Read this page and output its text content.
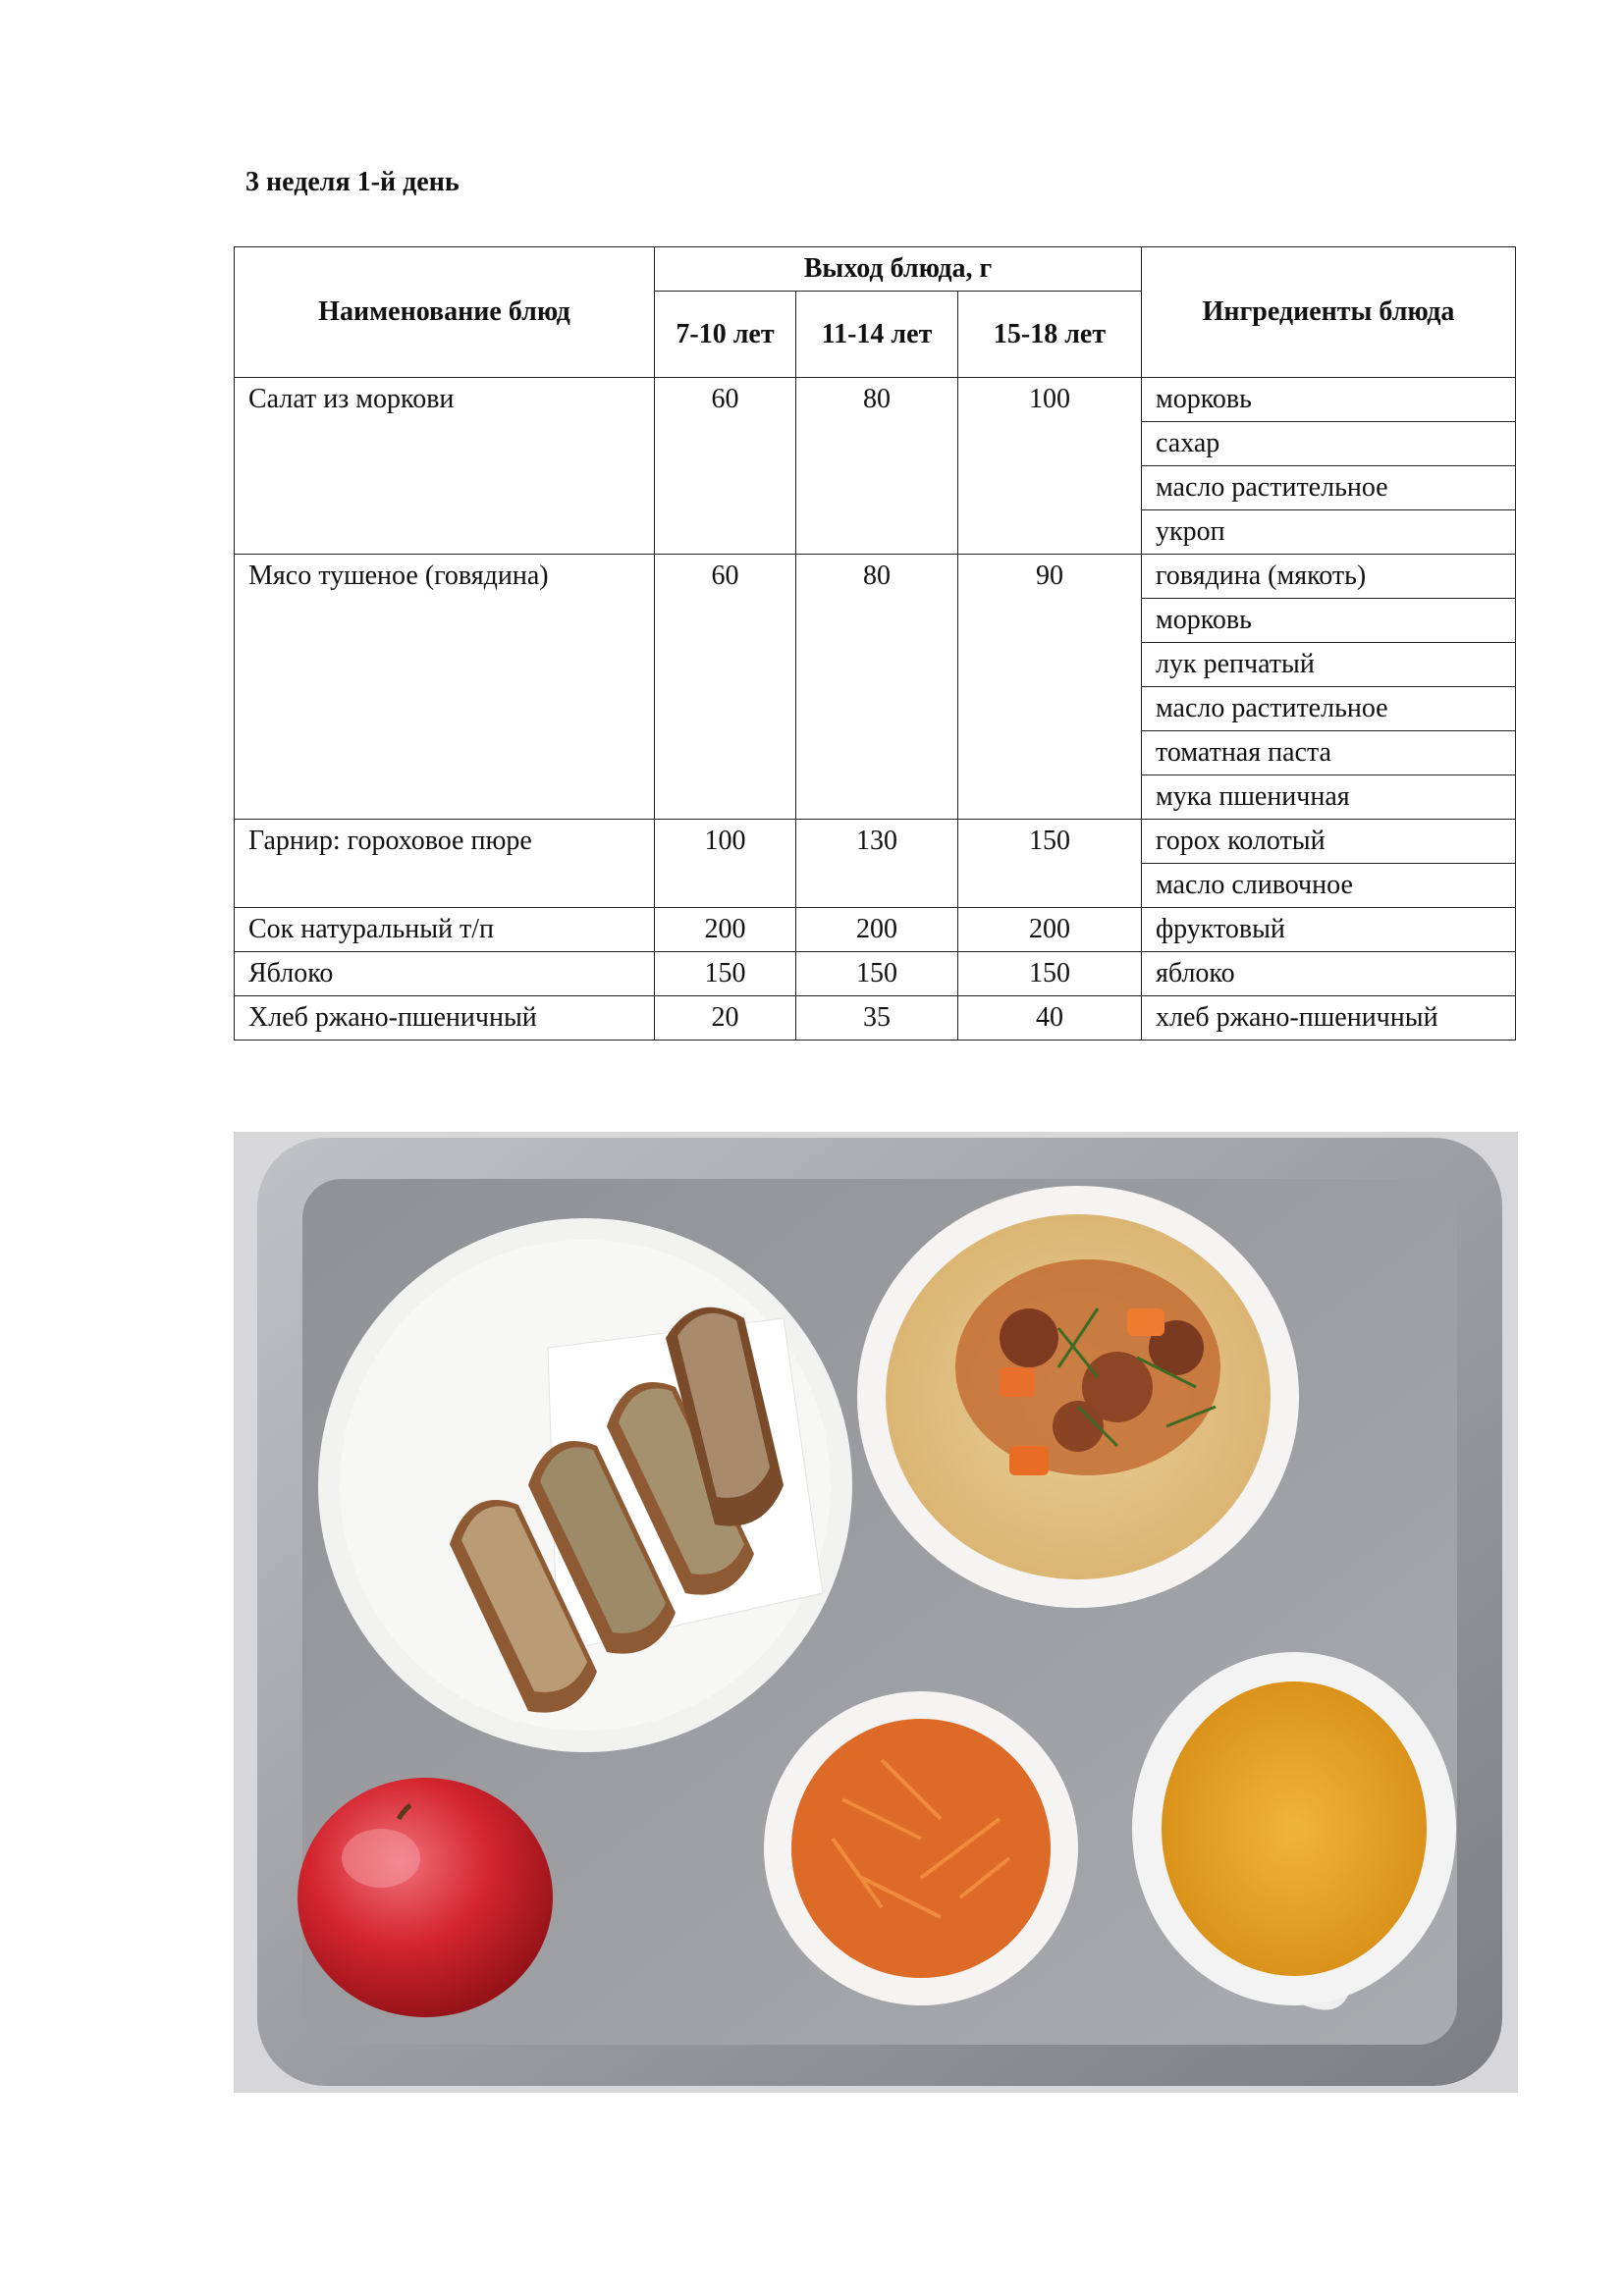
3 неделя 1-й день
Наименование блюд	Выход блюда, г			Ингредиенты блюда
	7-10 лет	11-14 лет	15-18 лет	
Салат из моркови	60	80	100	морковь
				сахар
				масло растительное
				укроп
Мясо тушеное (говядина)	60	80	90	говядина (мякоть)
				морковь
				лук репчатый
				масло растительное
				томатная паста
				мука пшеничная
Гарнир: гороховое пюре	100	130	150	горох колотый
				масло сливочное
Сок натуральный т/п	200	200	200	фруктовый
Яблоко	150	150	150	яблоко
Хлеб ржано-пшеничный	20	35	40	хлеб ржано-пшеничный
